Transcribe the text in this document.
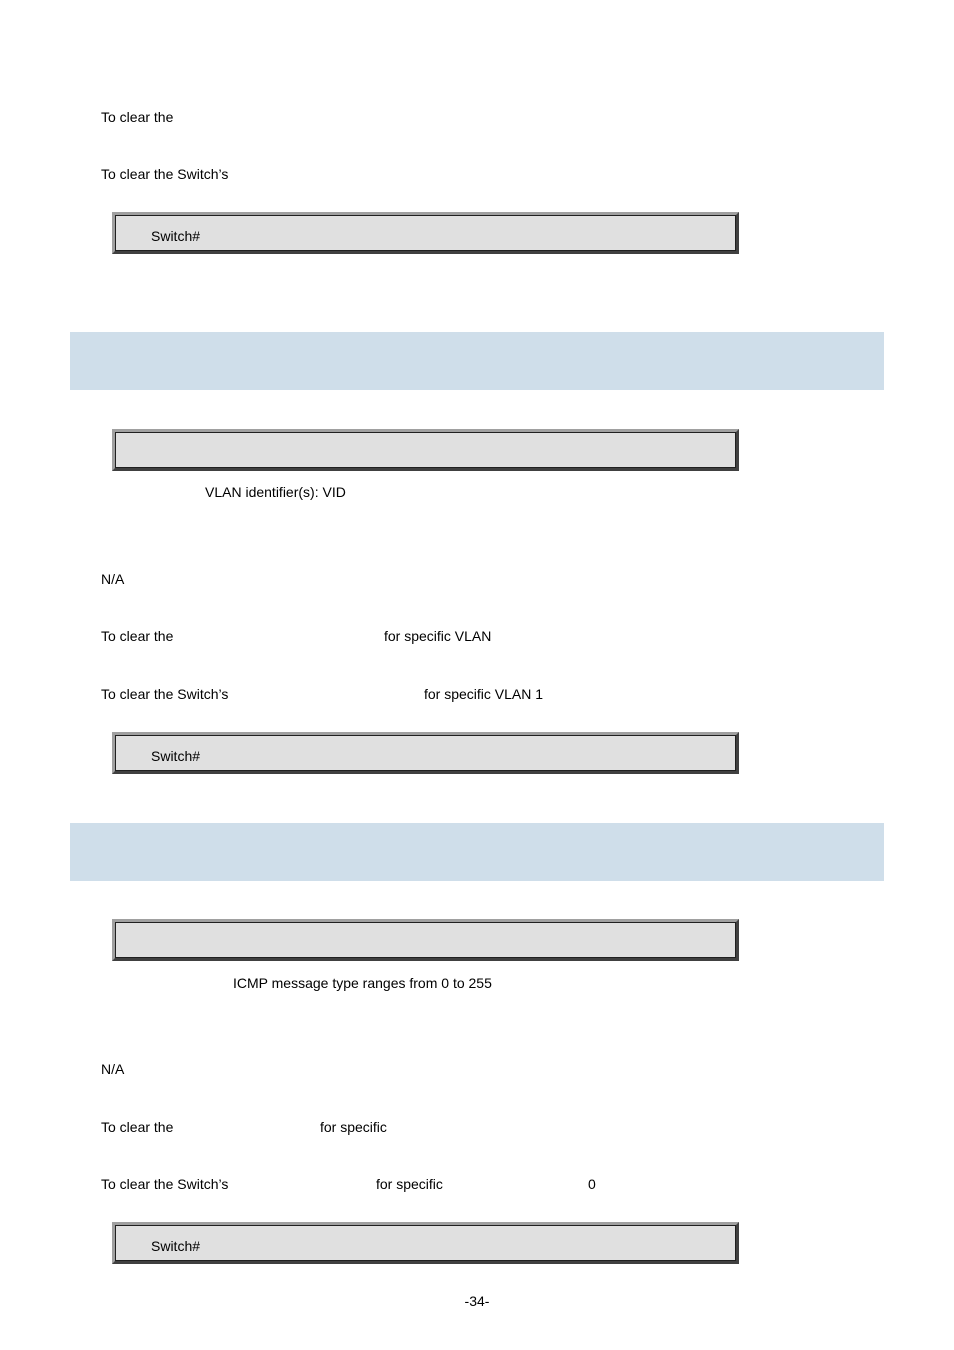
To clear the
To clear the Switch’s
Switch#
VLAN identifier(s): VID
N/A
To clear the	for specific VLAN
To clear the Switch’s	for specific VLAN 1
Switch#
ICMP message type ranges from 0 to 255
N/A
To clear the	for specific
To clear the Switch’s	for specific	0
Switch#
-34-
